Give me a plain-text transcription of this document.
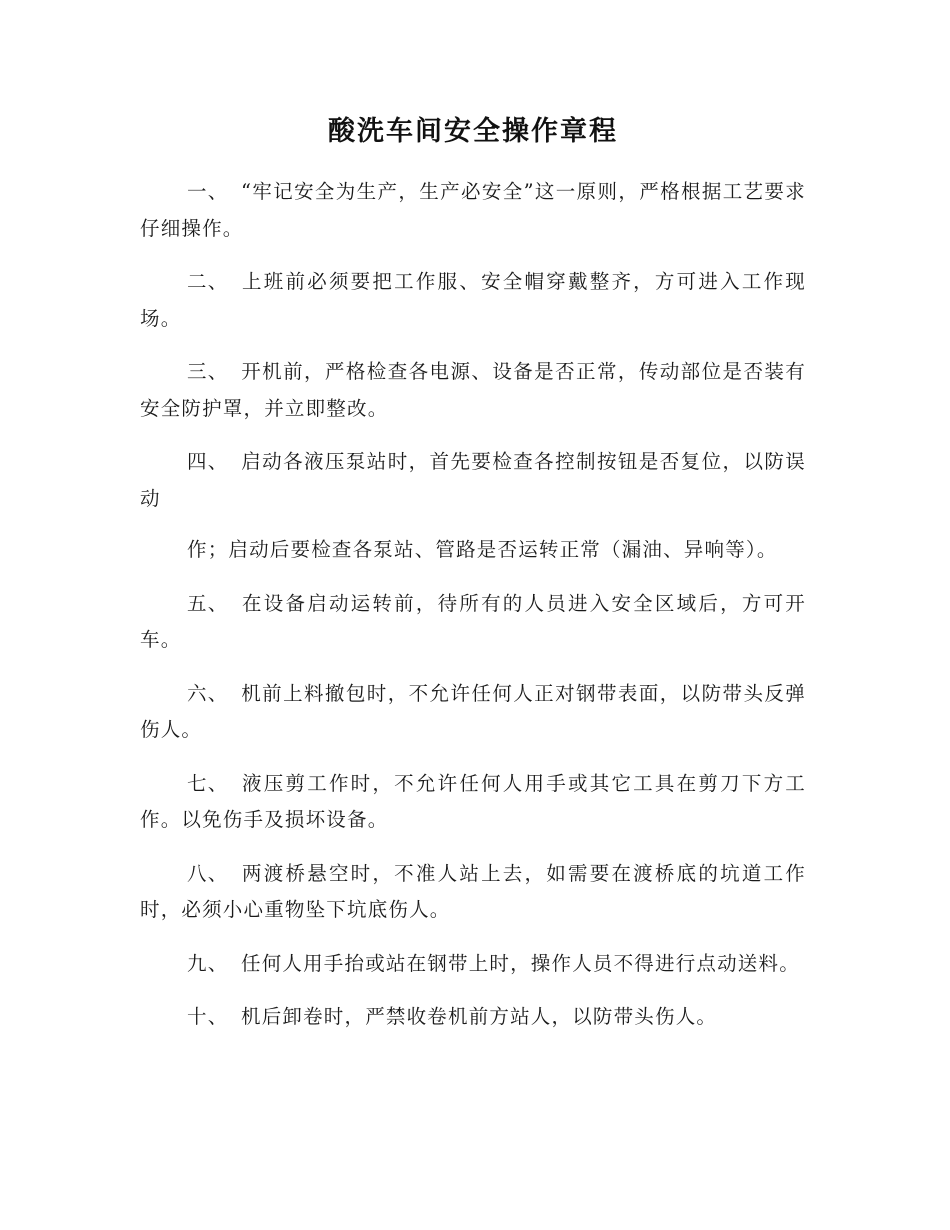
酸洗车间安全操作章程

一、 “牢记安全为生产，生产必安全”这一原则，严格根据工艺要求仔细操作。

二、 上班前必须要把工作服、安全帽穿戴整齐，方可进入工作现场。

三、 开机前，严格检查各电源、设备是否正常，传动部位是否装有安全防护罩，并立即整改。

四、 启动各液压泵站时，首先要检查各控制按钮是否复位，以防误动

作；启动后要检查各泵站、管路是否运转正常（漏油、异响等）。

五、 在设备启动运转前，待所有的人员进入安全区域后，方可开车。

六、 机前上料撤包时，不允许任何人正对钢带表面，以防带头反弹伤人。

七、 液压剪工作时，不允许任何人用手或其它工具在剪刀下方工作。以免伤手及损坏设备。

八、 两渡桥悬空时，不准人站上去，如需要在渡桥底的坑道工作时，必须小心重物坠下坑底伤人。

九、 任何人用手抬或站在钢带上时，操作人员不得进行点动送料。

十、 机后卸卷时，严禁收卷机前方站人，以防带头伤人。
